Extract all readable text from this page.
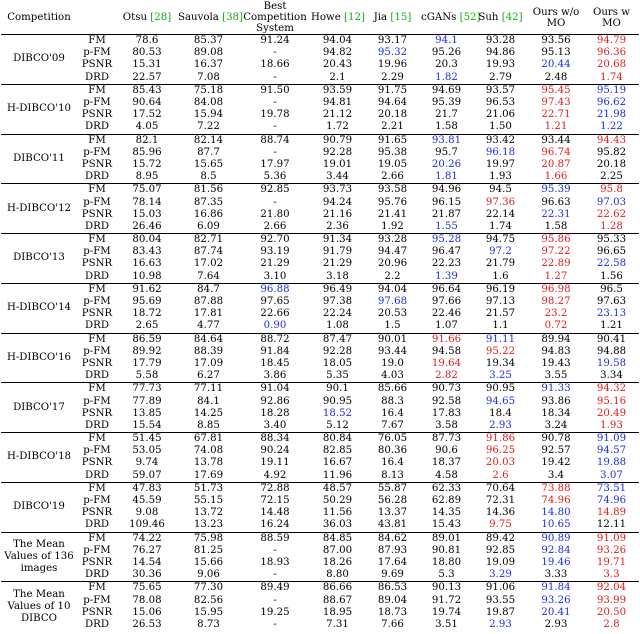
Competition		Otsu [28]	Sauvola [38]	Best Competition System	Howe [12]	Jia [15]	cGANs [52]	Suh [42]	Ours w/o MO	Ours w MO
DIBCO'09	FM	78.6	85.37	91.24	94.04	93.17	94.1	93.28	93.56	94.79
	p-FM	80.53	89.08	-	94.82	95.32	95.26	94.86	95.13	96.36
	PSNR	15.31	16.37	18.66	20.43	19.96	20.3	19.93	20.44	20.68
	DRD	22.57	7.08	-	2.1	2.29	1.82	2.79	2.48	1.74
H-DIBCO'10	FM	85.43	75.18	91.50	93.59	91.75	94.69	93.57	95.45	95.19
	p-FM	90.64	84.08	-	94.81	94.64	95.39	96.53	97.43	96.62
	PSNR	17.52	15.94	19.78	21.12	20.18	21.7	21.06	22.71	21.98
	DRD	4.05	7.22	-	1.72	2.21	1.58	1.50	1.21	1.22
DIBCO'11	FM	82.1	82.14	88.74	90.79	91.65	93.81	93.42	93.44	94.43
	p-FM	85.96	87.7	-	92.28	95.38	95.7	96.18	96.74	95.82
	PSNR	15.72	15.65	17.97	19.01	19.05	20.26	19.97	20.87	20.18
	DRD	8.95	8.5	5.36	3.44	2.66	1.81	1.93	1.66	2.25
H-DIBCO'12	FM	75.07	81.56	92.85	93.73	93.58	94.96	94.5	95.39	95.8
	p-FM	78.14	87.35	-	94.24	95.76	96.15	97.36	96.63	97.03
	PSNR	15.03	16.86	21.80	21.16	21.41	21.87	22.14	22.31	22.62
	DRD	26.46	6.09	2.66	2.36	1.92	1.55	1.74	1.58	1.28
DIBCO'13	FM	80.04	82.71	92.70	91.34	93.28	95.28	94.75	95.86	95.33
	p-FM	83.43	87.74	93.19	91.79	94.47	96.47	97.2	97.22	96.65
	PSNR	16.63	17.02	21.29	21.29	20.96	22.23	21.79	22.89	22.58
	DRD	10.98	7.64	3.10	3.18	2.2	1.39	1.6	1.27	1.56
H-DIBCO'14	FM	91.62	84.7	96.88	96.49	94.04	96.64	96.19	96.98	96.5
	p-FM	95.69	87.88	97.65	97.38	97.68	97.66	97.13	98.27	97.63
	PSNR	18.72	17.81	22.66	22.24	20.53	22.46	21.57	23.2	23.13
	DRD	2.65	4.77	0.90	1.08	1.5	1.07	1.1	0.72	1.21
H-DIBCO'16	FM	86.59	84.64	88.72	87.47	90.01	91.66	91.11	89.94	90.41
	p-FM	89.92	88.39	91.84	92.28	93.44	94.58	95.22	94.83	94.88
	PSNR	17.79	17.09	18.45	18.05	19.0	19.64	19.34	19.43	19.58
	DRD	5.58	6.27	3.86	5.35	4.03	2.82	3.25	3.55	3.34
DIBCO'17	FM	77.73	77.11	91.04	90.1	85.66	90.73	90.95	91.33	94.32
	p-FM	77.89	84.1	92.86	90.95	88.3	92.58	94.65	93.86	95.16
	PSNR	13.85	14.25	18.28	18.52	16.4	17.83	18.4	18.34	20.49
	DRD	15.54	8.85	3.40	5.12	7.67	3.58	2.93	3.24	1.93
H-DIBCO'18	FM	51.45	67.81	88.34	80.84	76.05	87.73	91.86	90.78	91.09
	p-FM	53.05	74.08	90.24	82.85	80.36	90.6	96.25	92.57	94.57
	PSNR	9.74	13.78	19.11	16.67	16.4	18.37	20.03	19.42	19.88
	DRD	59.07	17.69	4.92	11.96	8.13	4.58	2.6	3.4	3.07
DIBCO'19	FM	47.83	51.73	72.88	48.57	55.87	62.33	70.64	73.88	73.51
	p-FM	45.59	55.15	72.15	50.29	56.28	62.89	72.31	74.96	74.96
	PSNR	9.08	13.72	14.48	11.56	13.37	14.35	14.36	14.80	14.89
	DRD	109.46	13.23	16.24	36.03	43.81	15.43	9.75	10.65	12.11
The Mean Values of 136 images	FM	74.22	75.98	88.59	84.85	84.62	89.01	89.42	90.89	91.09
	p-FM	76.27	81.25	-	87.00	87.93	90.81	92.85	92.84	93.26
	PSNR	14.54	15.66	18.93	18.26	17.64	18.80	19.09	19.46	19.71
	DRD	30.36	9.06	-	8.80	9.69	5.3	3.29	3.33	3.3
The Mean Values of 10 DIBCO	FM	75.65	77.30	89.49	86.66	86.53	90.13	91.06	91.84	92.04
	p-FM	78.08	82.56	-	88.67	89.04	91.72	93.55	93.26	93.99
	PSNR	15.06	15.95	19.25	18.95	18.73	19.74	19.87	20.41	20.50
	DRD	26.53	8.73	-	7.31	7.66	3.51	2.93	2.93	2.8
